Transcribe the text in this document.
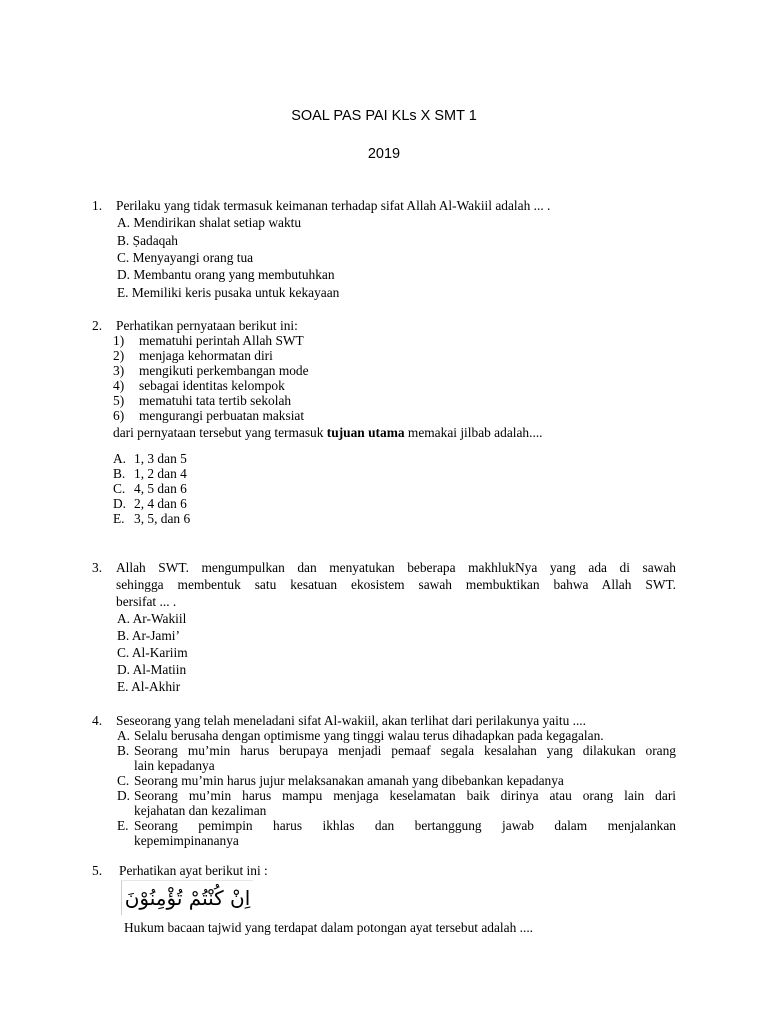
SOAL PAS PAI KLs X SMT 1
2019
1. Perilaku yang tidak termasuk keimanan terhadap sifat Allah Al-Wakiil adalah ... .
A. Mendirikan shalat setiap waktu
B. Ṣadaqah
C. Menyayangi orang tua
D. Membantu orang yang membutuhkan
E. Memiliki keris pusaka untuk kekayaan
2. Perhatikan pernyataan berikut ini:
1) mematuhi perintah Allah SWT
2) menjaga kehormatan diri
3) mengikuti perkembangan mode
4) sebagai identitas kelompok
5) mematuhi tata tertib sekolah
6) mengurangi perbuatan maksiat
dari pernyataan tersebut yang termasuk tujuan utama memakai jilbab adalah....
A. 1, 3 dan 5
B. 1, 2 dan 4
C. 4, 5 dan 6
D. 2, 4 dan 6
E. 3, 5, dan 6
3. Allah SWT. mengumpulkan dan menyatukan beberapa makhlukNya yang ada di sawah
sehingga membentuk satu kesatuan ekosistem sawah membuktikan bahwa Allah SWT.
bersifat ... .
A. Ar-Wakiil
B. Ar-Jami’
C. Al-Kariim
D. Al-Matiin
E. Al-Akhir
4. Seseorang yang telah meneladani sifat Al-wakiil, akan terlihat dari perilakunya yaitu ....
A. Selalu berusaha dengan optimisme yang tinggi walau terus dihadapkan pada kegagalan.
B. Seorang mu’min harus berupaya menjadi pemaaf segala kesalahan yang dilakukan orang
lain kepadanya
C. Seorang mu’min harus jujur melaksanakan amanah yang dibebankan kepadanya
D. Seorang mu’min harus mampu menjaga keselamatan baik dirinya atau orang lain dari
kejahatan dan kezaliman
E. Seorang pemimpin harus ikhlas dan bertanggung jawab dalam menjalankan
kepemimpinananya
5. Perhatikan ayat berikut ini :
اِنْ كُنْتُمْ تُؤْمِنُوْنَ
Hukum bacaan tajwid yang terdapat dalam potongan ayat tersebut adalah ....
